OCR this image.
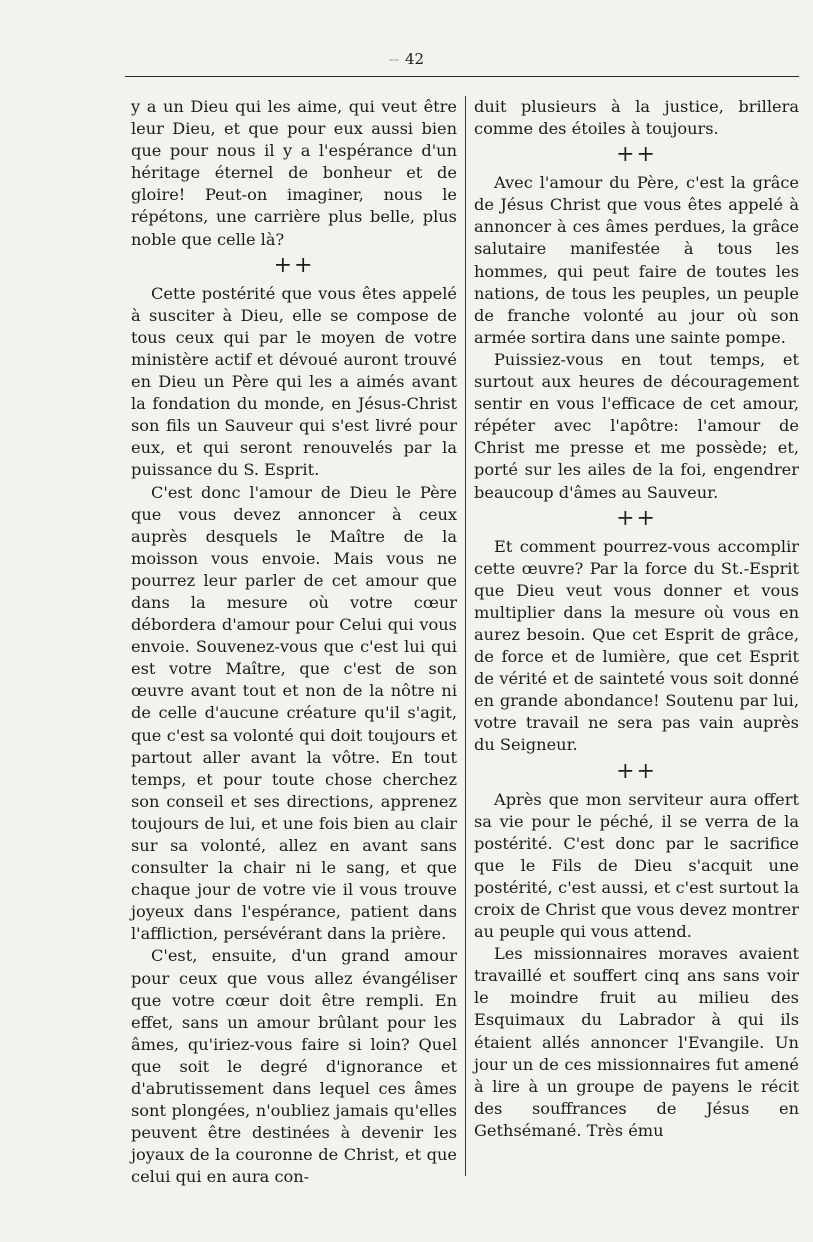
-- 42

y a un Dieu qui les aime, qui veut être leur Dieu, et que pour eux aussi bien que pour nous il y a l'espérance d'un héritage éternel de bonheur et de gloire! Peut-on imaginer, nous le répétons, une carrière plus belle, plus noble que celle là?

++

Cette postérité que vous êtes appelé à susciter à Dieu, elle se compose de tous ceux qui par le moyen de votre ministère actif et dévoué auront trouvé en Dieu un Père qui les a aimés avant la fondation du monde, en Jésus-Christ son fils un Sauveur qui s'est livré pour eux, et qui seront renouvelés par la puissance du S. Esprit.

C'est donc l'amour de Dieu le Père que vous devez annoncer à ceux auprès desquels le Maître de la moisson vous envoie. Mais vous ne pourrez leur parler de cet amour que dans la mesure où votre cœur débordera d'amour pour Celui qui vous envoie. Souvenez-vous que c'est lui qui est votre Maître, que c'est de son œuvre avant tout et non de la nôtre ni de celle d'aucune créature qu'il s'agit, que c'est sa volonté qui doit toujours et partout aller avant la vôtre. En tout temps, et pour toute chose cherchez son conseil et ses directions, apprenez toujours de lui, et une fois bien au clair sur sa volonté, allez en avant sans consulter la chair ni le sang, et que chaque jour de votre vie il vous trouve joyeux dans l'espérance, patient dans l'affliction, persévérant dans la prière.

C'est, ensuite, d'un grand amour pour ceux que vous allez évangéliser que votre cœur doit être rempli. En effet, sans un amour brûlant pour les âmes, qu'iriez-vous faire si loin? Quel que soit le degré d'ignorance et d'abrutissement dans lequel ces âmes sont plongées, n'oubliez jamais qu'elles peuvent être destinées à devenir les joyaux de la couronne de Christ, et que celui qui en aura con-

duit plusieurs à la justice, brillera comme des étoiles à toujours.

++

Avec l'amour du Père, c'est la grâce de Jésus Christ que vous êtes appelé à annoncer à ces âmes perdues, la grâce salutaire manifestée à tous les hommes, qui peut faire de toutes les nations, de tous les peuples, un peuple de franche volonté au jour où son armée sortira dans une sainte pompe.

Puissiez-vous en tout temps, et surtout aux heures de découragement sentir en vous l'efficace de cet amour, répéter avec l'apôtre: l'amour de Christ me presse et me possède; et, porté sur les ailes de la foi, engendrer beaucoup d'âmes au Sauveur.

++

Et comment pourrez-vous accomplir cette œuvre? Par la force du St.-Esprit que Dieu veut vous donner et vous multiplier dans la mesure où vous en aurez besoin. Que cet Esprit de grâce, de force et de lumière, que cet Esprit de vérité et de sainteté vous soit donné en grande abondance! Soutenu par lui, votre travail ne sera pas vain auprès du Seigneur.

++

Après que mon serviteur aura offert sa vie pour le péché, il se verra de la postérité. C'est donc par le sacrifice que le Fils de Dieu s'acquit une postérité, c'est aussi, et c'est surtout la croix de Christ que vous devez montrer au peuple qui vous attend.

Les missionnaires moraves avaient travaillé et souffert cinq ans sans voir le moindre fruit au milieu des Esquimaux du Labrador à qui ils étaient allés annoncer l'Evangile. Un jour un de ces missionnaires fut amené à lire à un groupe de payens le récit des souffrances de Jésus en Gethsémané. Très ému
